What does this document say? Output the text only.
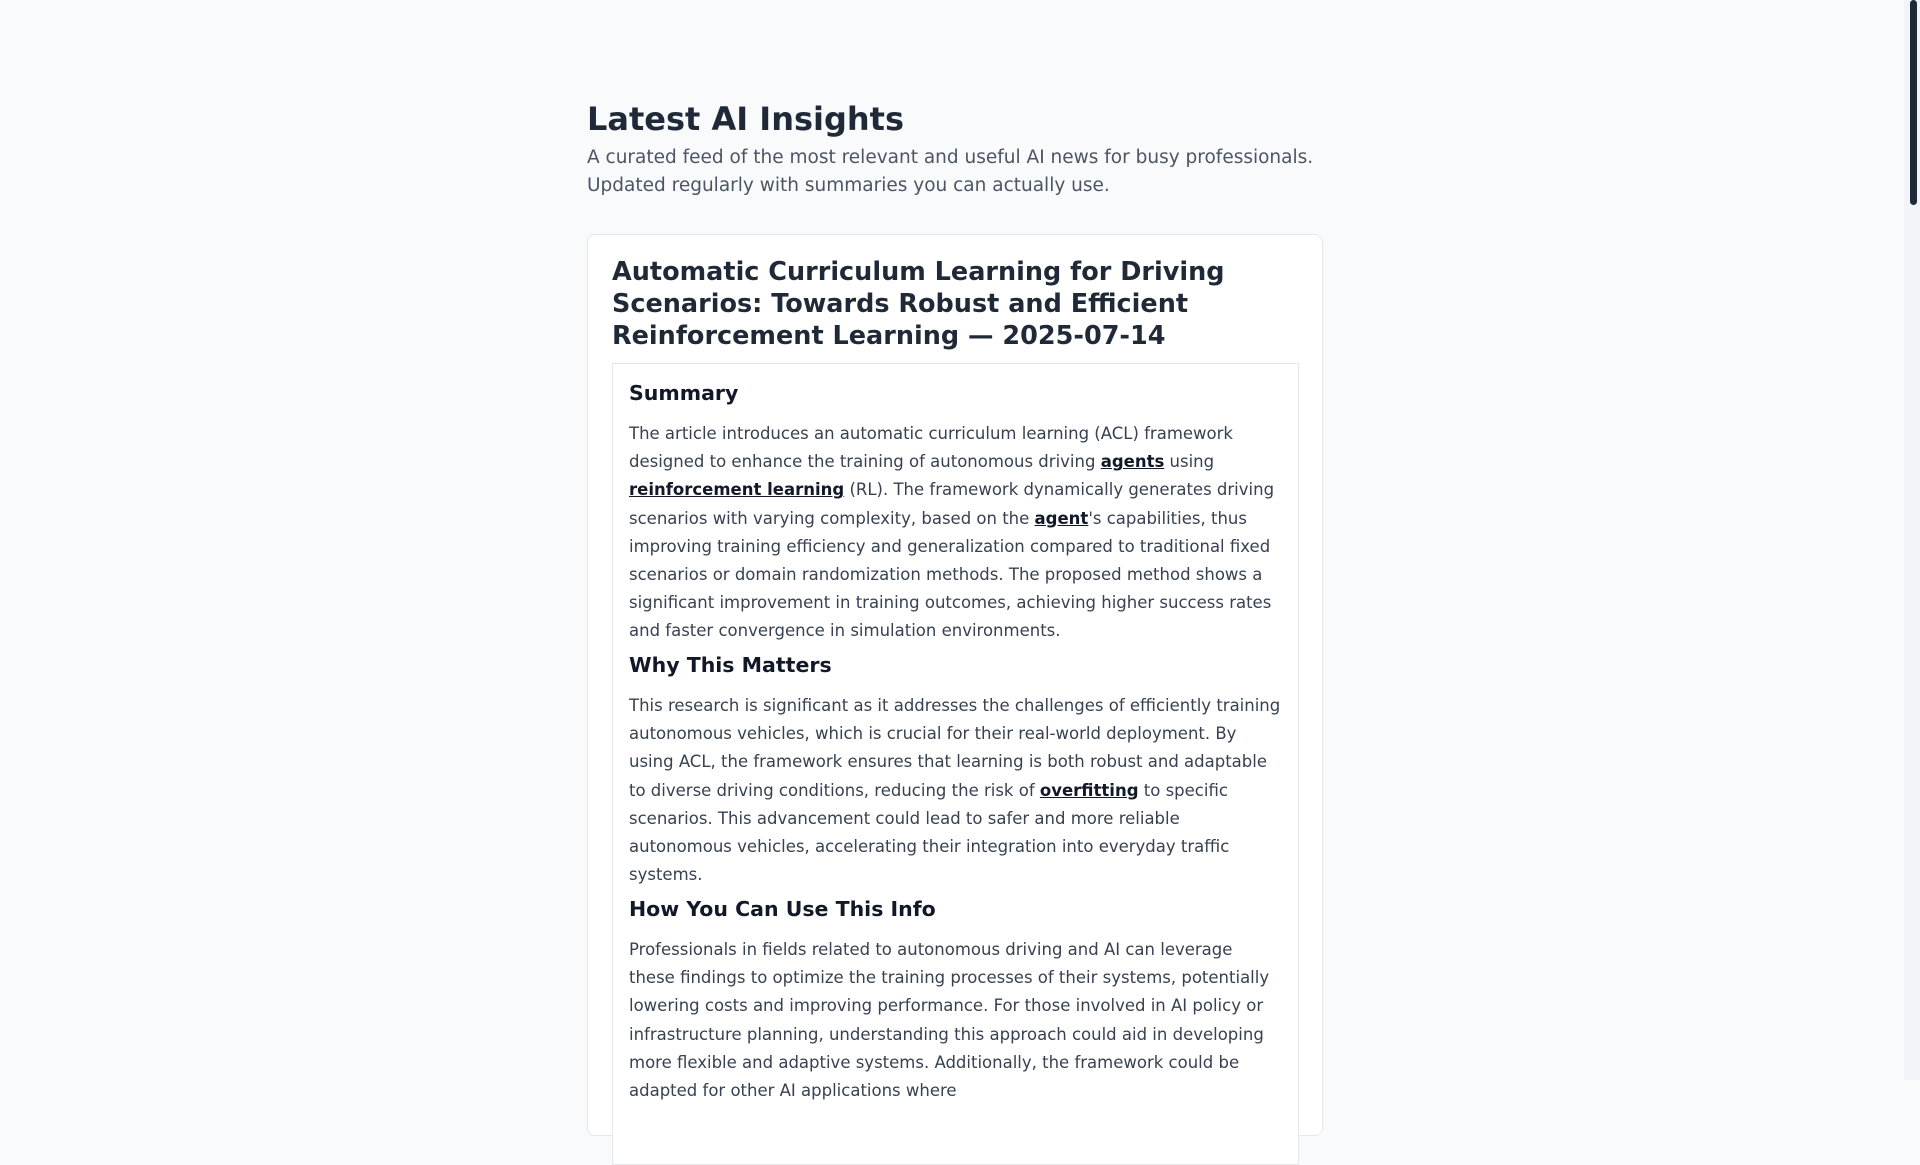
Latest AI Insights

A curated feed of the most relevant and useful AI news for busy professionals. Updated regularly with summaries you can actually use.

Automatic Curriculum Learning for Driving Scenarios: Towards Robust and Efficient Reinforcement Learning — 2025-07-14
Summary

The article introduces an automatic curriculum learning (ACL) framework designed to enhance the training of autonomous driving agents using reinforcement learning (RL). The framework dynamically generates driving scenarios with varying complexity, based on the agent's capabilities, thus improving training efficiency and generalization compared to traditional fixed scenarios or domain randomization methods. The proposed method shows a significant improvement in training outcomes, achieving higher success rates and faster convergence in simulation environments.

Why This Matters

This research is significant as it addresses the challenges of efficiently training autonomous vehicles, which is crucial for their real-world deployment. By using ACL, the framework ensures that learning is both robust and adaptable to diverse driving conditions, reducing the risk of overfitting to specific scenarios. This advancement could lead to safer and more reliable autonomous vehicles, accelerating their integration into everyday traffic systems.

How You Can Use This Info

Professionals in fields related to autonomous driving and AI can leverage these findings to optimize the training processes of their systems, potentially lowering costs and improving performance. For those involved in AI policy or infrastructure planning, understanding this approach could aid in developing more flexible and adaptive systems. Additionally, the framework could be adapted for other AI applications where
